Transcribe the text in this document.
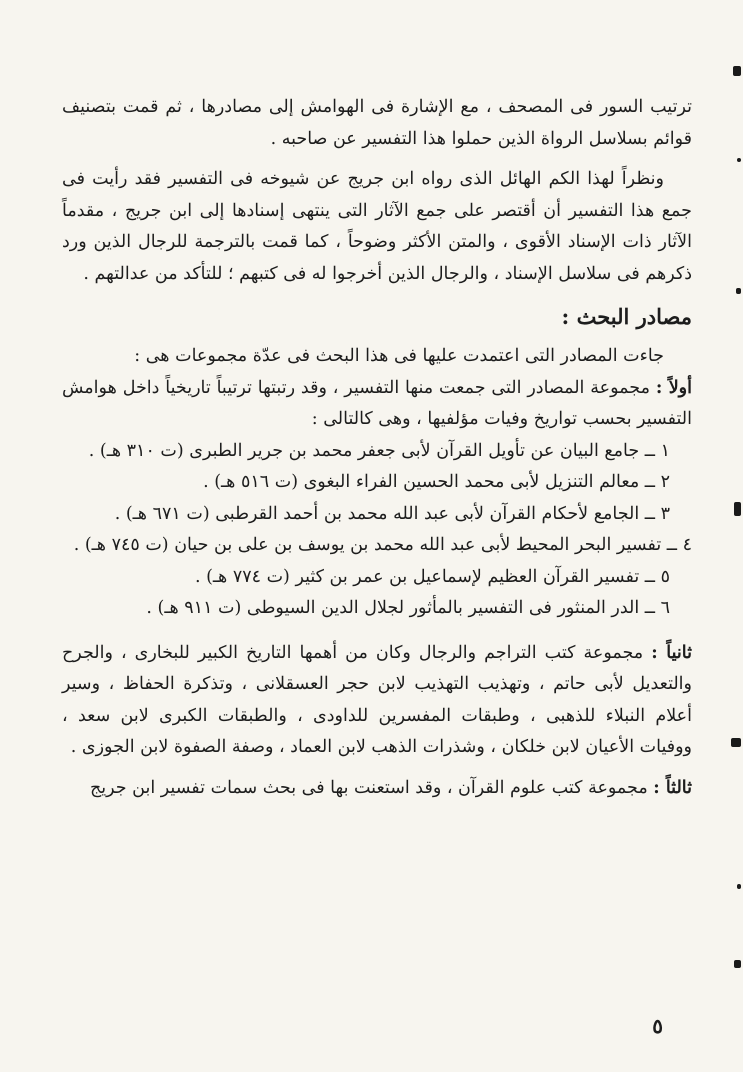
ترتيب السور فى المصحف ، مع الإشارة فى الهوامش إلى مصادرها ، ثم قمت بتصنيف قوائم بسلاسل الرواة الذين حملوا هذا التفسير عن صاحبه .

ونظراً لهذا الكم الهائل الذى رواه ابن جريج عن شيوخه فى التفسير فقد رأيت فى جمع هذا التفسير أن أقتصر على جمع الآثار التى ينتهى إسنادها إلى ابن جريج ، مقدماً الآثار ذات الإسناد الأقوى ، والمتن الأكثر وضوحاً ، كما قمت بالترجمة للرجال الذين ورد ذكرهم فى سلاسل الإسناد ، والرجال الذين أخرجوا له فى كتبهم ؛ للتأكد من عدالتهم .

مصادر البحث :

جاءت المصادر التى اعتمدت عليها فى هذا البحث فى عدّة مجموعات هى :

أولاً : مجموعة المصادر التى جمعت منها التفسير ، وقد رتبتها ترتيباً تاريخياً داخل هوامش التفسير بحسب تواريخ وفيات مؤلفيها ، وهى كالتالى :

١ ــ جامع البيان عن تأويل القرآن لأبى جعفر محمد بن جرير الطبرى (ت ٣١٠ هـ) .

٢ ــ معالم التنزيل لأبى محمد الحسين الفراء البغوى (ت ٥١٦ هـ) .

٣ ــ الجامع لأحكام القرآن لأبى عبد الله محمد بن أحمد القرطبى (ت ٦٧١ هـ) .

٤ ــ تفسير البحر المحيط لأبى عبد الله محمد بن يوسف بن على بن حيان (ت ٧٤٥ هـ) .

٥ ــ تفسير القرآن العظيم لإسماعيل بن عمر بن كثير (ت ٧٧٤ هـ) .

٦ ــ الدر المنثور فى التفسير بالمأثور لجلال الدين السيوطى (ت ٩١١ هـ) .

ثانياً : مجموعة كتب التراجم والرجال وكان من أهمها التاريخ الكبير للبخارى ، والجرح والتعديل لأبى حاتم ، وتهذيب التهذيب لابن حجر العسقلانى ، وتذكرة الحفاظ ، وسير أعلام النبلاء للذهبى ، وطبقات المفسرين للداودى ، والطبقات الكبرى لابن سعد ، ووفيات الأعيان لابن خلكان ، وشذرات الذهب لابن العماد ، وصفة الصفوة لابن الجوزى .

ثالثاً : مجموعة كتب علوم القرآن ، وقد استعنت بها فى بحث سمات تفسير ابن جريج

٥
